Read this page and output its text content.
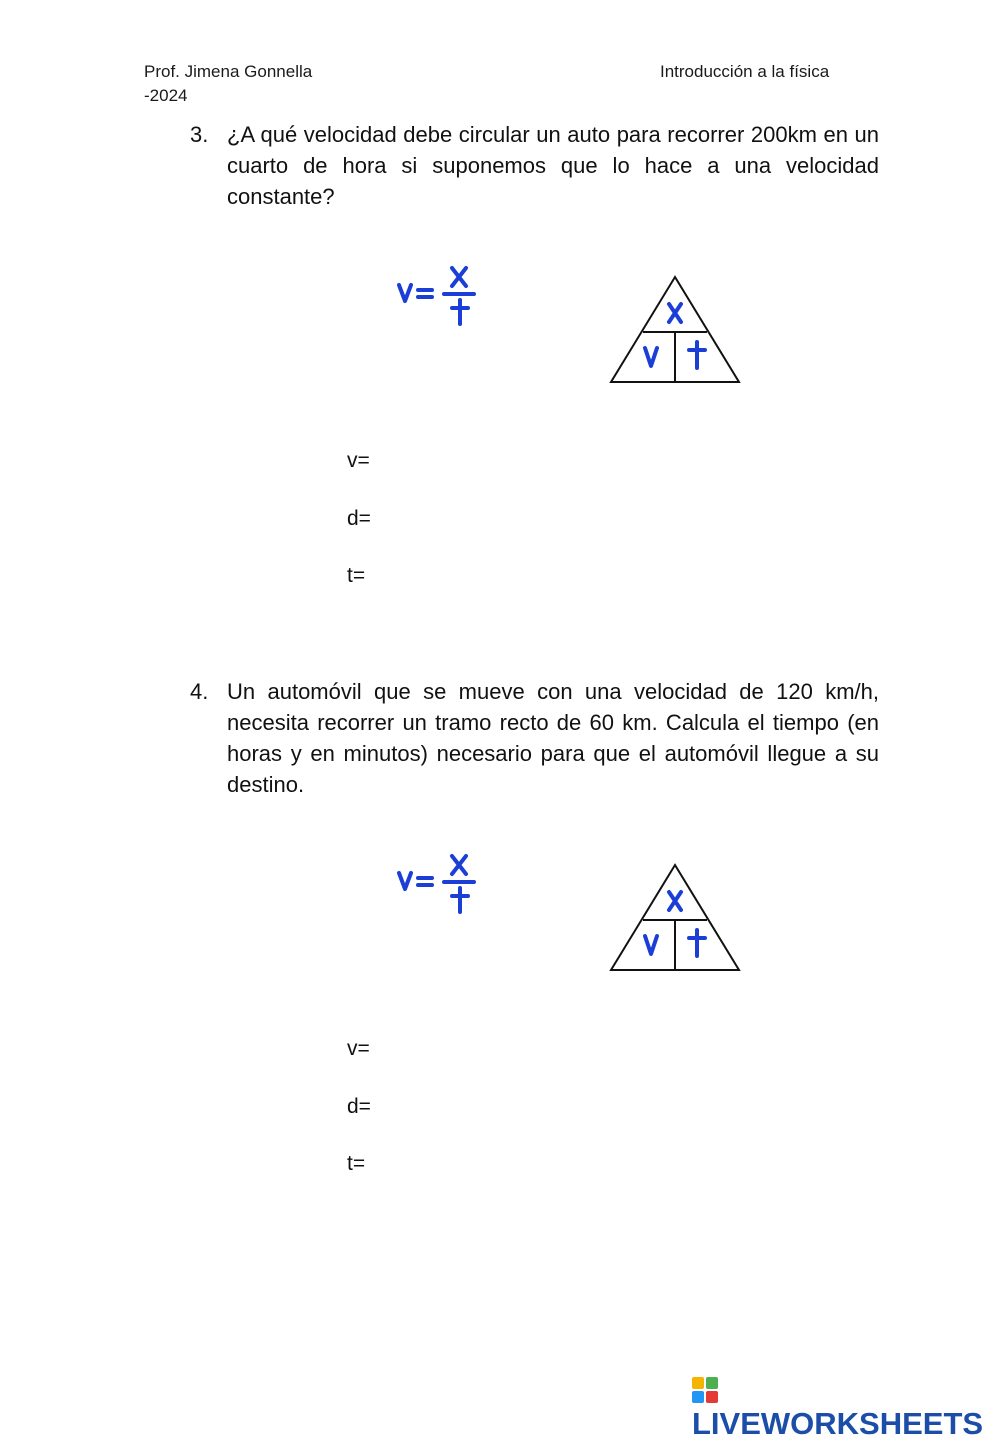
Prof. Jimena Gonnella
-2024
Introducción a la física
3. ¿A qué velocidad debe circular un auto para recorrer 200km en un cuarto de hora si suponemos que lo hace a una velocidad constante?
v=
d=
t=
4. Un automóvil que se mueve con una velocidad de 120 km/h, necesita recorrer un tramo recto de 60 km. Calcula el tiempo (en horas y en minutos) necesario para que el automóvil llegue a su destino.
v=
d=
t=
LIVEWORKSHEETS
